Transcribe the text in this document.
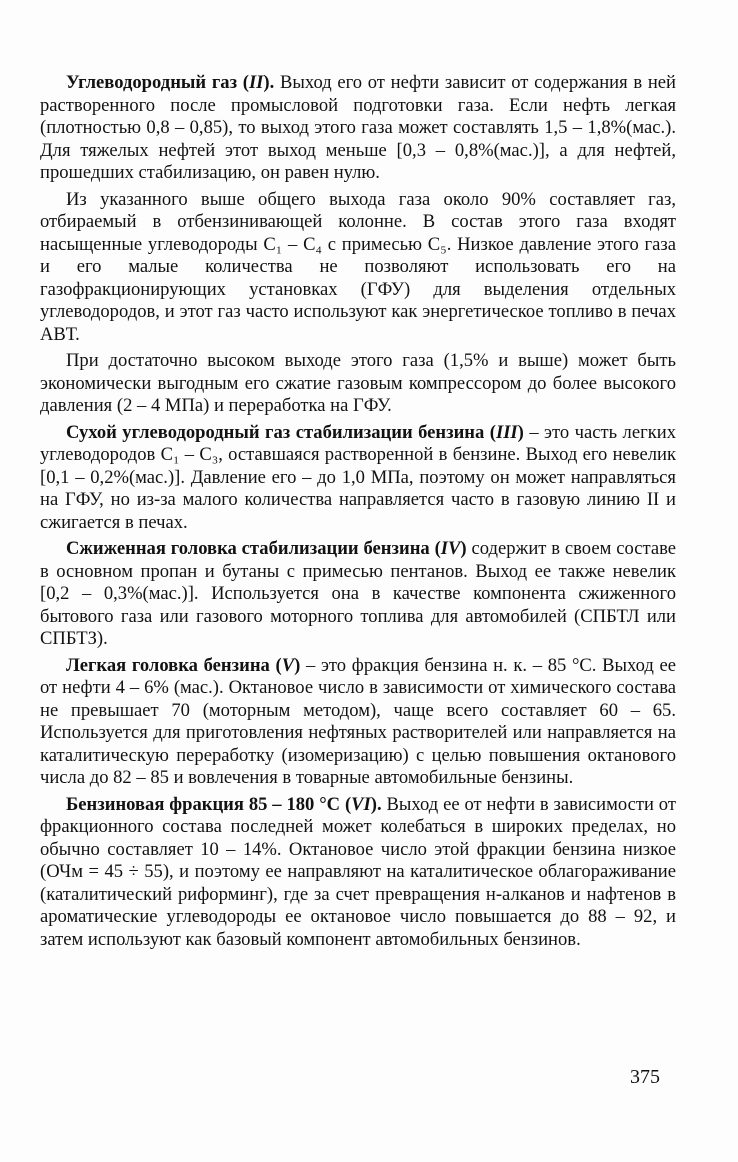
Углеводородный газ (II). Выход его от нефти зависит от содержания в ней растворенного после промысловой подготовки газа. Если нефть легкая (плотностью 0,8 – 0,85), то выход этого газа может составлять 1,5 – 1,8%(мас.). Для тяжелых нефтей этот выход меньше [0,3 – 0,8%(мас.)], а для нефтей, прошедших стабилизацию, он равен нулю.

Из указанного выше общего выхода газа около 90% составляет газ, отбираемый в отбензинивающей колонне. В состав этого газа входят насыщенные углеводороды С₁ – С₄ с примесью С₅. Низкое давление этого газа и его малые количества не позволяют использовать его на газофракционирующих установках (ГФУ) для выделения отдельных углеводородов, и этот газ часто используют как энергетическое топливо в печах АВТ.

При достаточно высоком выходе этого газа (1,5% и выше) может быть экономически выгодным его сжатие газовым компрессором до более высокого давления (2 – 4 МПа) и переработка на ГФУ.

Сухой углеводородный газ стабилизации бензина (III) – это часть легких углеводородов С₁ – С₃, оставшаяся растворенной в бензине. Выход его невелик [0,1 – 0,2%(мас.)]. Давление его – до 1,0 МПа, поэтому он может направляться на ГФУ, но из-за малого количества направляется часто в газовую линию II и сжигается в печах.

Сжиженная головка стабилизации бензина (IV) содержит в своем составе в основном пропан и бутаны с примесью пентанов. Выход ее также невелик [0,2 – 0,3%(мас.)]. Используется она в качестве компонента сжиженного бытового газа или газового моторного топлива для автомобилей (СПБТЛ или СПБТЗ).

Легкая головка бензина (V) – это фракция бензина н. к. – 85 °С. Выход ее от нефти 4 – 6% (мас.). Октановое число в зависимости от химического состава не превышает 70 (моторным методом), чаще всего составляет 60 – 65. Используется для приготовления нефтяных растворителей или направляется на каталитическую переработку (изомеризацию) с целью повышения октанового числа до 82 – 85 и вовлечения в товарные автомобильные бензины.

Бензиновая фракция 85 – 180 °С (VI). Выход ее от нефти в зависимости от фракционного состава последней может колебаться в широких пределах, но обычно составляет 10 – 14%. Октановое число этой фракции бензина низкое (ОЧм = 45 ÷ 55), и поэтому ее направляют на каталитическое облагораживание (каталитический риформинг), где за счет превращения н-алканов и нафтенов в ароматические углеводороды ее октановое число повышается до 88 – 92, и затем используют как базовый компонент автомобильных бензинов.

375
